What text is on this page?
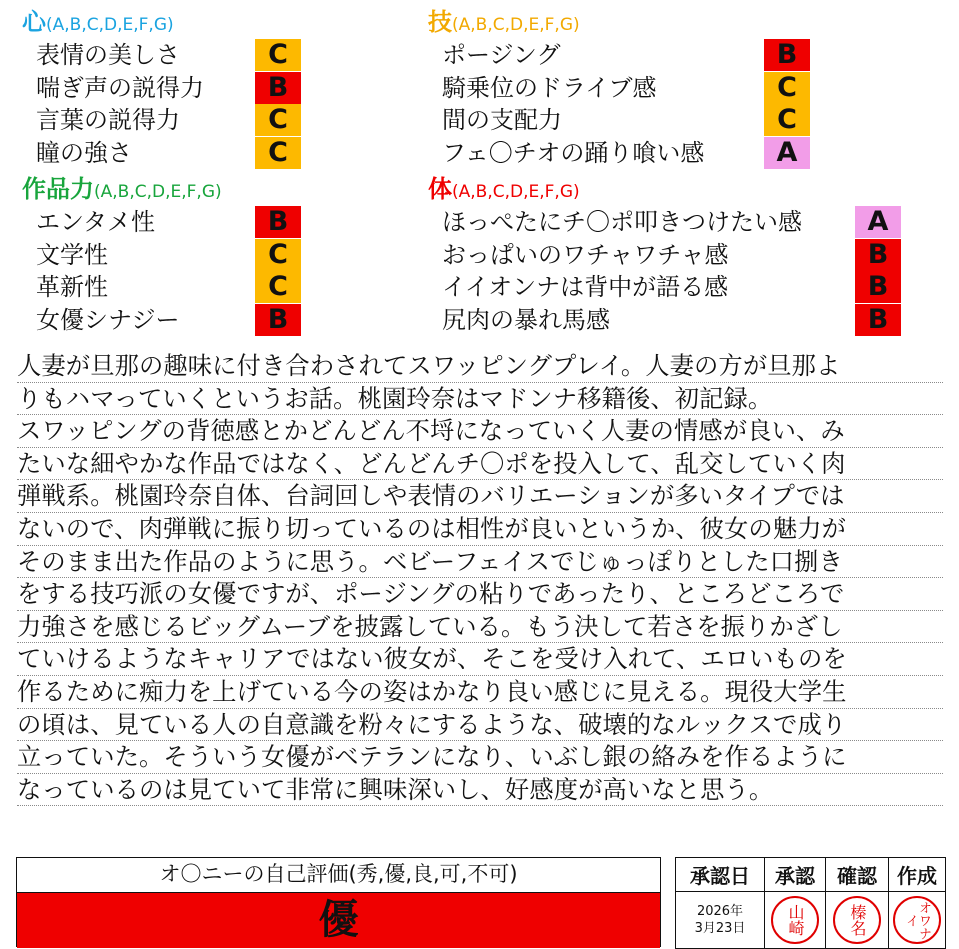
心(A,B,C,D,E,F,G)
表情の美しさ	C
喘ぎ声の説得力	B
言葉の説得力	C
瞳の強さ	C
技(A,B,C,D,E,F,G)
ポージング	B
騎乗位のドライブ感	C
間の支配力	C
フェ〇チオの踊り喰い感	A
作品力(A,B,C,D,E,F,G)
エンタメ性	B
文学性	C
革新性	C
女優シナジー	B
体(A,B,C,D,E,F,G)
ほっぺたにチ〇ポ叩きつけたい感	A
おっぱいのワチャワチャ感	B
イイオンナは背中が語る感	B
尻肉の暴れ馬感	B
人妻が旦那の趣味に付き合わされてスワッピングプレイ。人妻の方が旦那よ
りもハマっていくというお話。桃園玲奈はマドンナ移籍後、初記録。
スワッピングの背徳感とかどんどん不埒になっていく人妻の情感が良い、み
たいな細やかな作品ではなく、どんどんチ〇ポを投入して、乱交していく肉
弾戦系。桃園玲奈自体、台詞回しや表情のバリエーションが多いタイプでは
ないので、肉弾戦に振り切っているのは相性が良いというか、彼女の魅力が
そのまま出た作品のように思う。ベビーフェイスでじゅっぽりとした口捌き
をする技巧派の女優ですが、ポージングの粘りであったり、ところどころで
力強さを感じるビッグムーブを披露している。もう決して若さを振りかざし
ていけるようなキャリアではない彼女が、そこを受け入れて、エロいものを
作るために痴力を上げている今の姿はかなり良い感じに見える。現役大学生
の頃は、見ている人の自意識を粉々にするような、破壊的なルックスで成り
立っていた。そういう女優がベテランになり、いぶし銀の絡みを作るように
なっているのは見ていて非常に興味深いし、好感度が高いなと思う。
オ〇ニーの自己評価(秀,優,良,可,不可)
優
承認日	承認	確認	作成

2026年
3月23日	山崎	榛名	オワナイ
